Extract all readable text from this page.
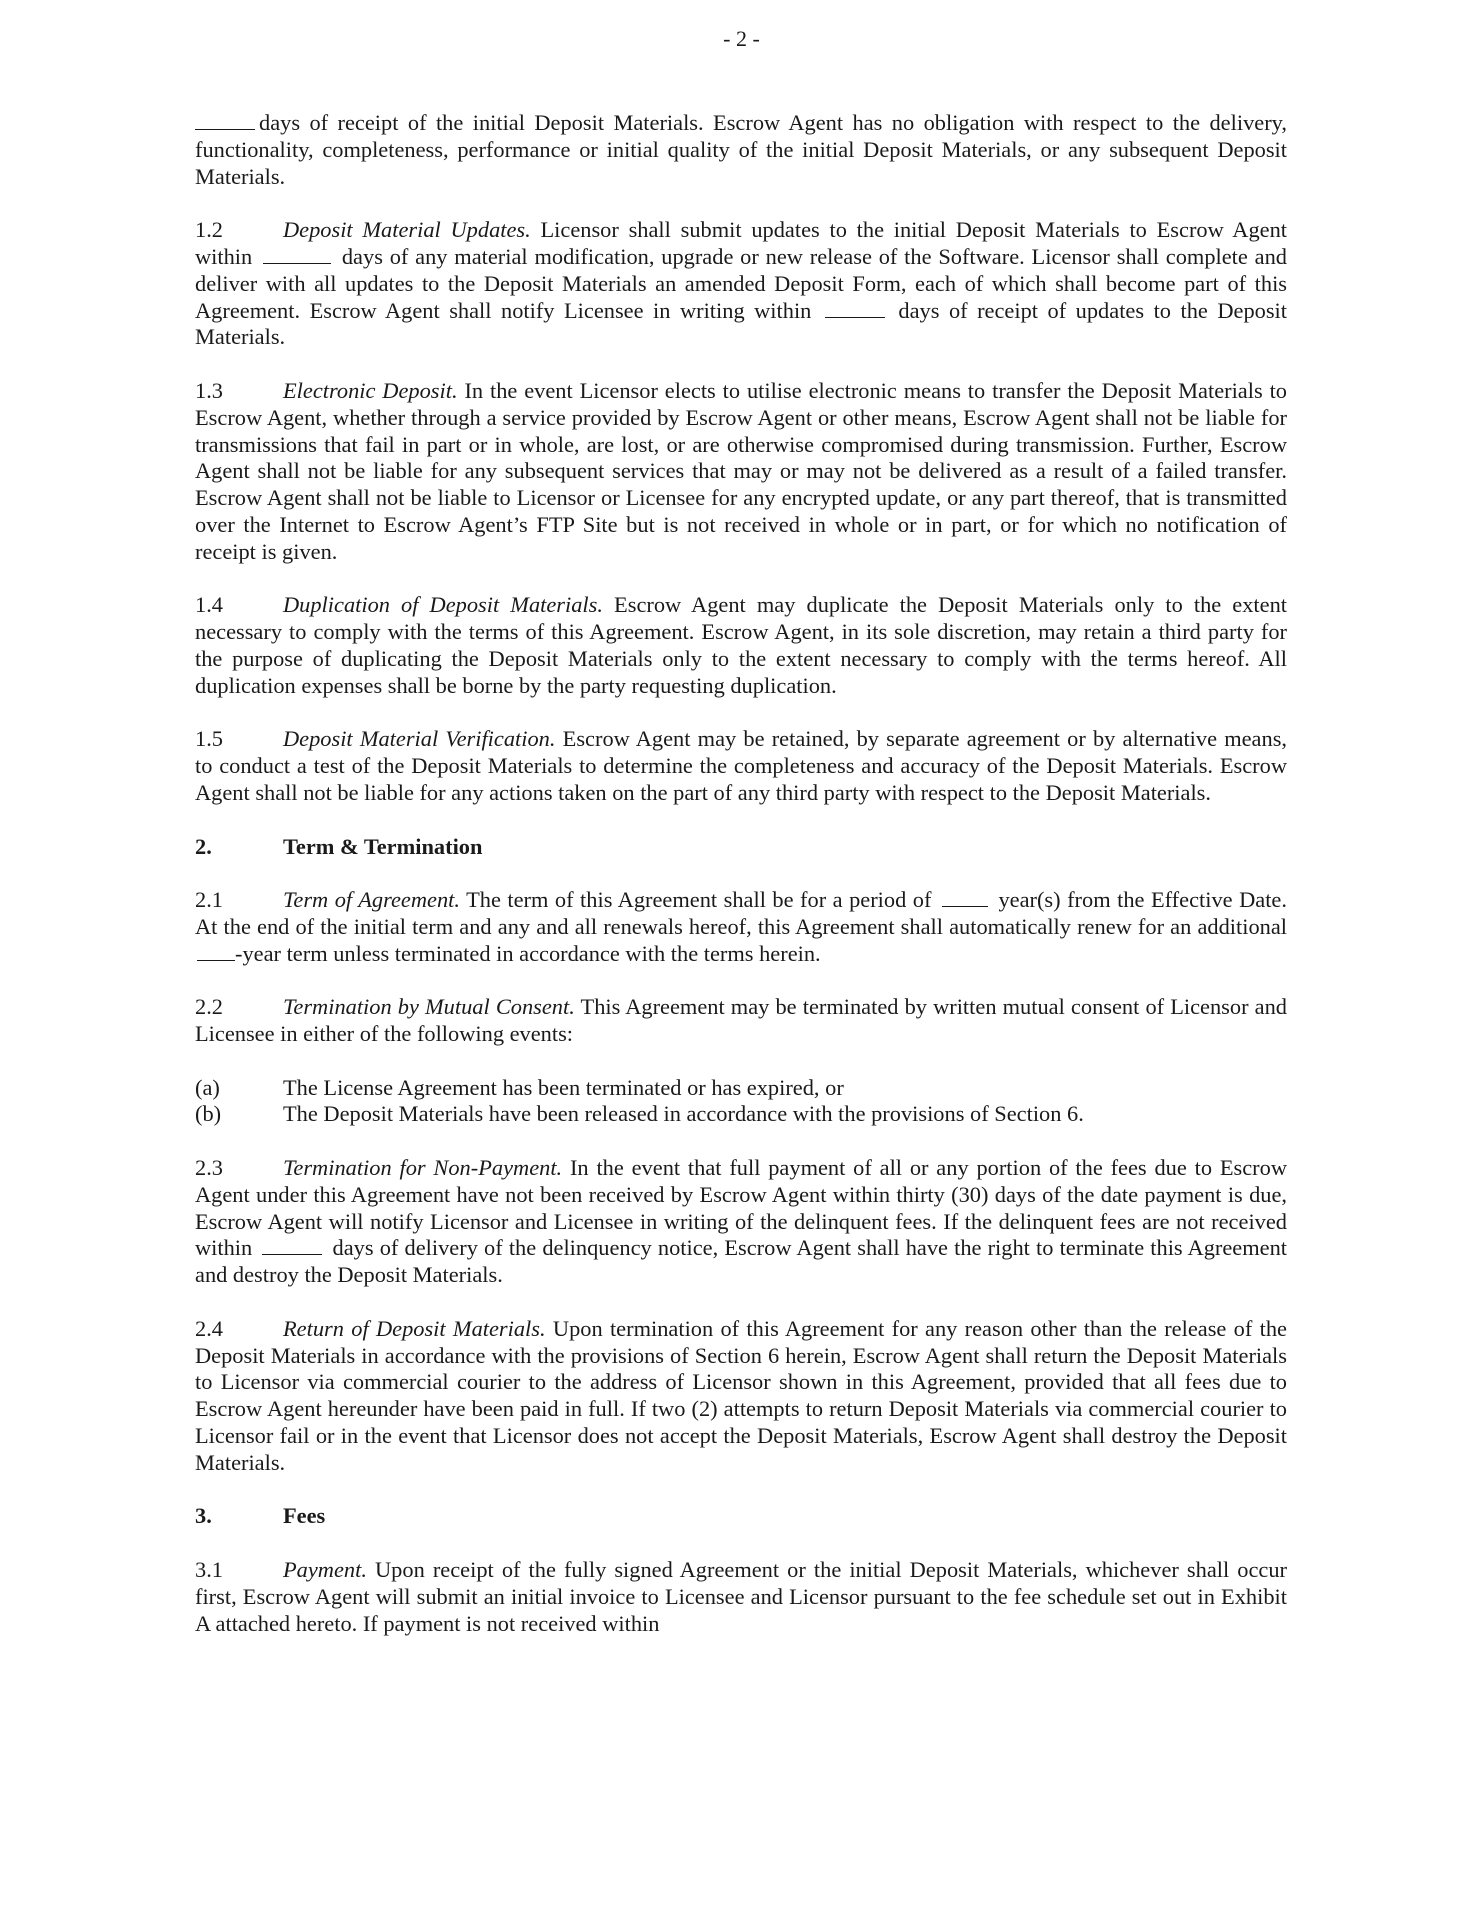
- 2 -

days of receipt of the initial Deposit Materials. Escrow Agent has no obligation with respect to the delivery, functionality, completeness, performance or initial quality of the initial Deposit Materials, or any subsequent Deposit Materials.

1.2	Deposit Material Updates. Licensor shall submit updates to the initial Deposit Materials to Escrow Agent within	days of any material modification, upgrade or new release of the Software. Licensor shall complete and deliver with all updates to the Deposit Materials an amended Deposit Form, each of which shall become part of this Agreement. Escrow Agent shall notify Licensee in writing within	days of receipt of updates to the Deposit Materials.

1.3	Electronic Deposit. In the event Licensor elects to utilise electronic means to transfer the Deposit Materials to Escrow Agent, whether through a service provided by Escrow Agent or other means, Escrow Agent shall not be liable for transmissions that fail in part or in whole, are lost, or are otherwise compromised during transmission. Further, Escrow Agent shall not be liable for any subsequent services that may or may not be delivered as a result of a failed transfer. Escrow Agent shall not be liable to Licensor or Licensee for any encrypted update, or any part thereof, that is transmitted over the Internet to Escrow Agent’s FTP Site but is not received in whole or in part, or for which no notification of receipt is given.

1.4	Duplication of Deposit Materials. Escrow Agent may duplicate the Deposit Materials only to the extent necessary to comply with the terms of this Agreement. Escrow Agent, in its sole discretion, may retain a third party for the purpose of duplicating the Deposit Materials only to the extent necessary to comply with the terms hereof. All duplication expenses shall be borne by the party requesting duplication.

1.5	Deposit Material Verification. Escrow Agent may be retained, by separate agreement or by alternative means, to conduct a test of the Deposit Materials to determine the completeness and accuracy of the Deposit Materials. Escrow Agent shall not be liable for any actions taken on the part of any third party with respect to the Deposit Materials.

2.	Term & Termination

2.1	Term of Agreement. The term of this Agreement shall be for a period of	year(s) from the Effective Date. At the end of the initial term and any and all renewals hereof, this Agreement shall automatically renew for an additional -year term unless terminated in accordance with the terms herein.

2.2	Termination by Mutual Consent. This Agreement may be terminated by written mutual consent of Licensor and Licensee in either of the following events:

(a)	The License Agreement has been terminated or has expired, or
(b)	The Deposit Materials have been released in accordance with the provisions of Section 6.

2.3	Termination for Non-Payment. In the event that full payment of all or any portion of the fees due to Escrow Agent under this Agreement have not been received by Escrow Agent within thirty (30) days of the date payment is due, Escrow Agent will notify Licensor and Licensee in writing of the delinquent fees. If the delinquent fees are not received within	days of delivery of the delinquency notice, Escrow Agent shall have the right to terminate this Agreement and destroy the Deposit Materials.

2.4	Return of Deposit Materials. Upon termination of this Agreement for any reason other than the release of the Deposit Materials in accordance with the provisions of Section 6 herein, Escrow Agent shall return the Deposit Materials to Licensor via commercial courier to the address of Licensor shown in this Agreement, provided that all fees due to Escrow Agent hereunder have been paid in full. If two (2) attempts to return Deposit Materials via commercial courier to Licensor fail or in the event that Licensor does not accept the Deposit Materials, Escrow Agent shall destroy the Deposit Materials.

3.	Fees

3.1	Payment. Upon receipt of the fully signed Agreement or the initial Deposit Materials, whichever shall occur first, Escrow Agent will submit an initial invoice to Licensee and Licensor pursuant to the fee schedule set out in Exhibit A attached hereto. If payment is not received within
